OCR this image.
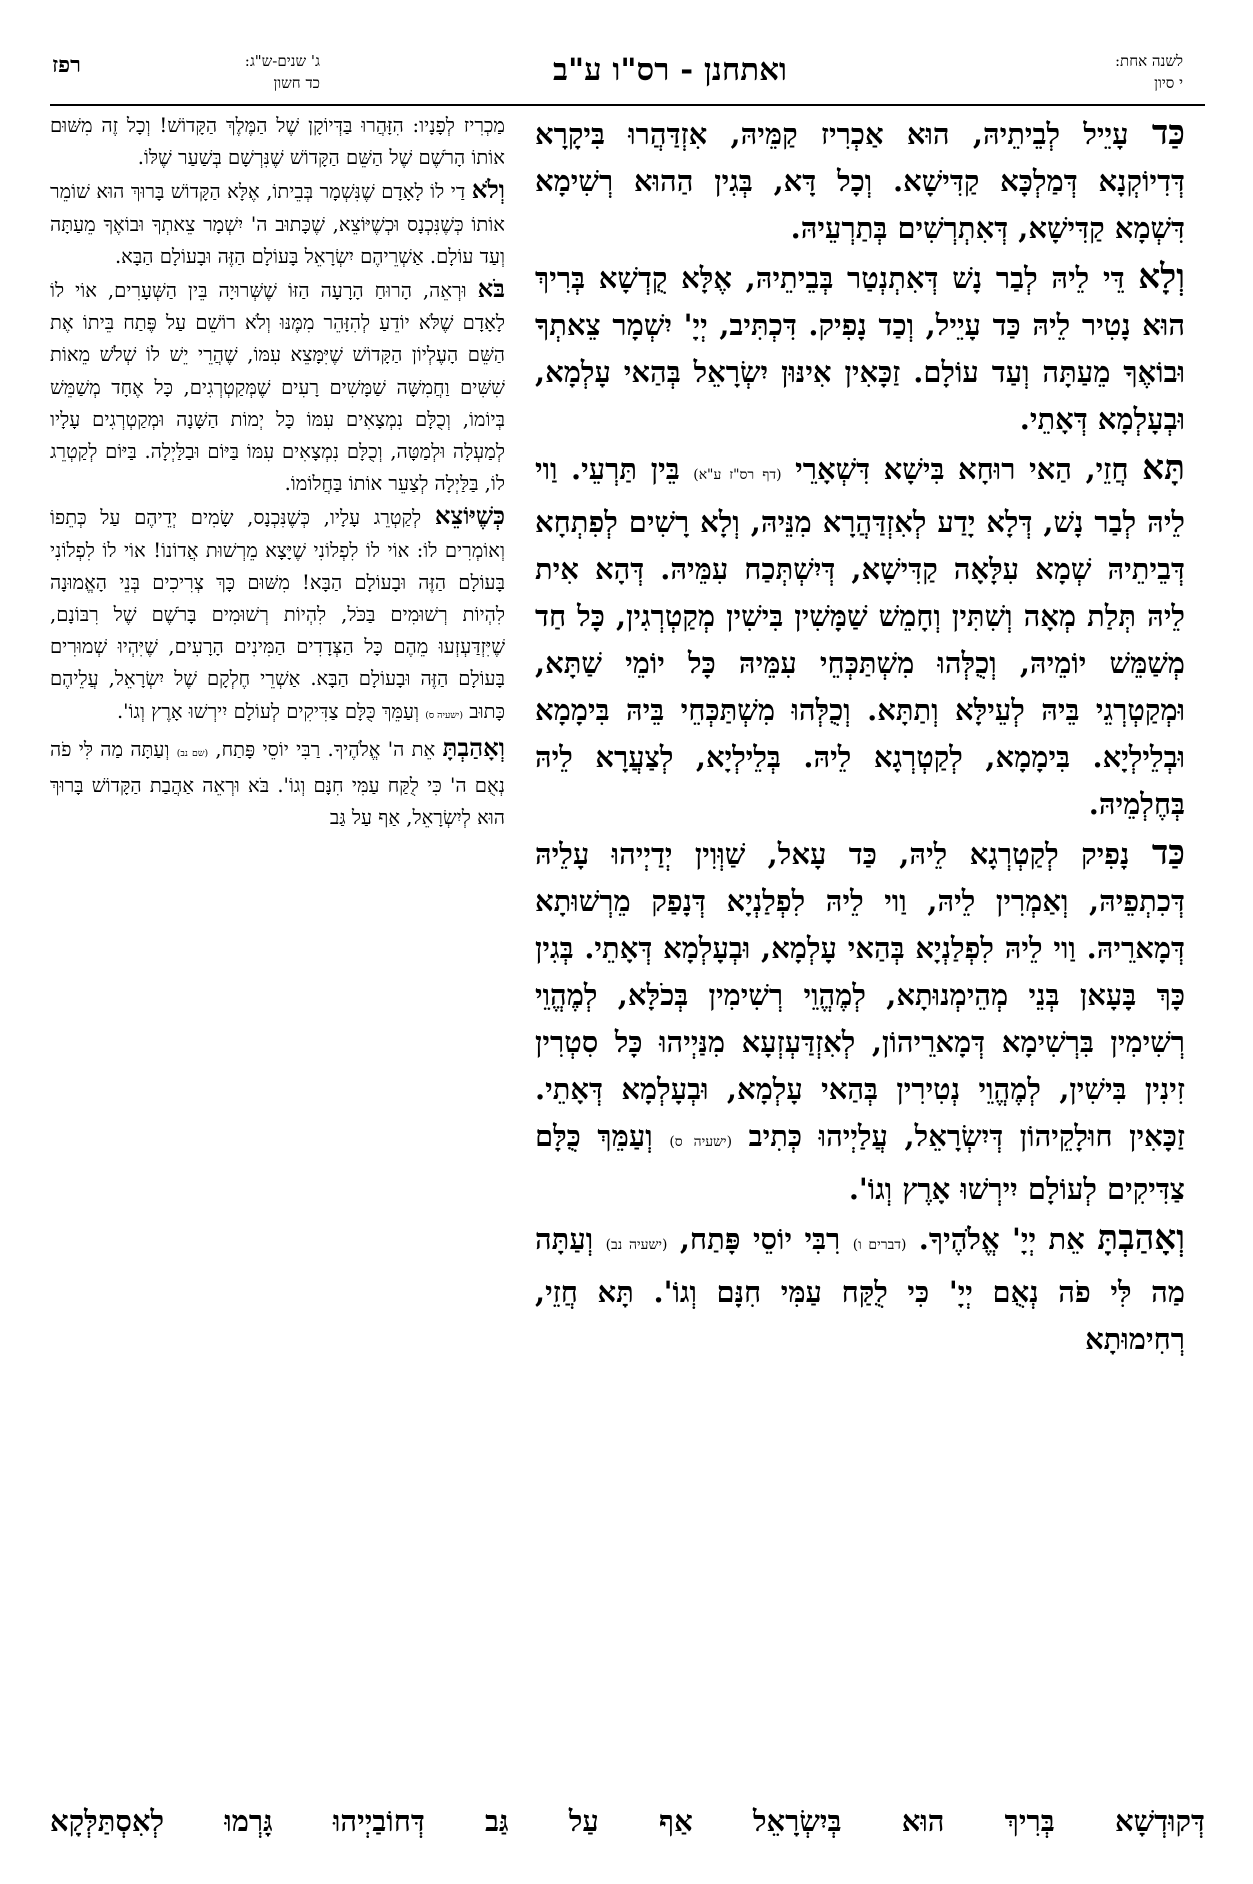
לשנה אחת:
י סיון
ואתחנן - רס"ו ע"ב
ג' שנים-ש"ג:
כד חשון
רפז

כַּד עָיֵיל לְבֵיתֵיהּ, הוּא אַכְרִיז קַמֵּיהּ, אִזְדַּהֲרוּ בִּיקָרָא דְּדִיוֹקְנָא דְּמַלְכָּא קַדִּישָׁא. וְכָל דָּא, בְּגִין הַהוּא רְשִׁימָא דִּשְׁמָא קַדִּישָׁא, דְּאִתְרְשִׁים בְּתַרְעֵיהּ.

וְלָא דֵּי לֵיהּ לְבַר נָשׁ דְּאִתְנְטַר בְּבֵיתֵיהּ, אֶלָּא קֻדְשָׁא בְּרִיךְ הוּא נָטִיר לֵיהּ כַּד עָיֵיל, וְכַד נָפִיק. דִּכְתִּיב, יְיָ' יִשְׁמָר צֵאתְךָ וּבוֹאֶךָ מֵעַתָּה וְעַד עוֹלָם. זַכָּאִין אִינּוּן יִשְׂרָאֵל בְּהַאי עָלְמָא, וּבְעָלְמָא דְּאָתֵי.

תָּא חֲזֵי, הַאי רוּחָא בִּישָׁא דִּשְׁאָרֵי (דף רס"ז ע"א) בֵּין תַּרְעֵי. וַוי לֵיהּ לְבַר נָשׁ, דְּלָא יָדַע לְאִזְדַּהֲרָא מִנֵּיהּ, וְלָא רָשִׁים לְפִתְחָא דְּבֵיתֵיהּ שְׁמָא עִלָּאָה קַדִּישָׁא, דְּיִשְׁתְּכַח עִמֵּיהּ. דְּהָא אִית לֵיהּ תְּלַת מְאָה וְשִׁתִּין וְחָמֵשׁ שַׁמָּשִׁין בִּישִׁין מְקַטְרְגִין, כָּל חַד מְשַׁמֵּשׁ יוֹמֵיהּ, וְכֻלְּהוּ מִשְׁתַּכְּחֵי עִמֵּיהּ כָּל יוֹמֵי שַׁתָּא, וּמְקַטְרְגֵי בֵּיהּ לְעֵילָּא וְתַתָּא. וְכֻלְּהוּ מִשְׁתַּכְּחֵי בֵּיהּ בִּימָמָא וּבְלֵילְיָא. בִּימָמָא, לְקַטְרְגָא לֵיהּ. בְּלֵילְיָא, לְצַעֲרָא לֵיהּ בְּחֶלְמֵיהּ.

כַּד נָפִיק לְקַטְרְגָא לֵיהּ, כַּד עָאל, שַׁוְּוִין יְדַיְיהוּ עָלֵיהּ דְּכִתְפֵיהּ, וְאַמְרִין לֵיהּ, וַוי לֵיהּ לִפְלַנְיָא דְּנָפַק מֵרְשׁוּתָא דְּמָארֵיהּ. וַוי לֵיהּ לִפְלַנְיָא בְּהַאי עָלְמָא, וּבְעָלְמָא דְּאָתֵי. בְּגִין כָּךְ בָּעָאן בְּנֵי מְהֵימְנוּתָא, לְמֶהֱוֵי רְשִׁימִין בְּכֹלָּא, לְמֶהֱוֵי רְשִׁימִין בִּרְשִׁימָא דְּמָארֵיהוֹן, לְאִזְדַּעְזְעָא מִנַּיְיהוּ כָּל סִטְרִין זִינִין בִּישִׁין, לְמֶהֱוֵי נְטִירִין בְּהַאי עָלְמָא, וּבְעָלְמָא דְּאָתֵי. זַכָּאִין חוּלָקֵיהוֹן דְּיִשְׂרָאֵל, עֲלַיְיהוּ כְּתִיב (ישעיה ס) וְעַמֵּךְ כֻּלָּם צַדִּיקִים לְעוֹלָם יִירְשׁוּ אָרֶץ וְגוֹ'.

וְאָהַבְתָּ אֵת יְיָ' אֱלֹהֶיךָ. (דברים ו) רִבִּי יוֹסֵי פָּתַח, (ישעיה נב) וְעַתָּה מַה לִּי פֹה נְאֻם יְיָ' כִּי לֻקַּח עַמִּי חִנָּם וְגוֹ'. תָּא חֲזֵי, רְחִימוּתָא

מַכְרִיז לְפָנָיו: הִזָּהֲרוּ בַּדְּיוֹקָן שֶׁל הַמֶּלֶךְ הַקָּדוֹשׁ! וְכָל זֶה מִשּׁוּם אוֹתוֹ הָרֹשֶׁם שֶׁל הַשֵּׁם הַקָּדוֹשׁ שֶׁנִּרְשָׁם בְּשַׁעַר שֶׁלּוֹ.

וְלֹא דַי לוֹ לָאָדָם שֶׁנִּשְׁמָר בְּבֵיתוֹ, אֶלָּא הַקָּדוֹשׁ בָּרוּךְ הוּא שׁוֹמֵר אוֹתוֹ כְּשֶׁנִּכְנָס וּכְשֶׁיּוֹצֵא, שֶׁכָּתוּב ה' יִשְׁמָר צֵאתְךָ וּבוֹאֶךָ מֵעַתָּה וְעַד עוֹלָם. אַשְׁרֵיהֶם יִשְׂרָאֵל בָּעוֹלָם הַזֶּה וּבָעוֹלָם הַבָּא.

בֹּא וּרְאֵה, הָרוּחַ הָרָעָה הַזּוֹ שֶׁשְּׁרוּיָה בֵּין הַשְּׁעָרִים, אוֹי לוֹ לָאָדָם שֶׁלֹּא יוֹדֵעַ לְהִזָּהֵר מִמֶּנּוּ וְלֹא רוֹשֵׁם עַל פֶּתַח בֵּיתוֹ אֶת הַשֵּׁם הָעֶלְיוֹן הַקָּדוֹשׁ שֶׁיִּמָּצֵא עִמּוֹ, שֶׁהֲרֵי יֵשׁ לוֹ שְׁלֹשׁ מֵאוֹת שִׁשִּׁים וַחֲמִשָּׁה שַׁמָּשִׁים רָעִים שֶׁמְּקַטְרְגִים, כָּל אֶחָד מְשַׁמֵּשׁ בְּיוֹמוֹ, וְכֻלָּם נִמְצָאִים עִמּוֹ כָּל יְמוֹת הַשָּׁנָה וּמְקַטְרְגִים עָלָיו לְמַעְלָה וּלְמַטָּה, וְכֻלָּם נִמְצָאִים עִמּוֹ בַּיּוֹם וּבַלַּיְלָה. בַּיּוֹם לְקַטְרֵג לוֹ, בַּלַּיְלָה לְצַעֵר אוֹתוֹ בַּחֲלוֹמוֹ.

כְּשֶׁיּוֹצֵא לְקַטְרֵג עָלָיו, כְּשֶׁנִּכְנָס, שָׂמִים יְדֵיהֶם עַל כְּתֵפוֹ וְאוֹמְרִים לוֹ: אוֹי לוֹ לִפְלוֹנִי שֶׁיָּצָא מֵרְשׁוּת אֲדוֹנוֹ! אוֹי לוֹ לִפְלוֹנִי בָּעוֹלָם הַזֶּה וּבָעוֹלָם הַבָּא! מִשּׁוּם כָּךְ צְרִיכִים בְּנֵי הָאֱמוּנָה לִהְיוֹת רְשׁוּמִים בַּכֹּל, לִהְיוֹת רְשׁוּמִים בָּרֹשֶׁם שֶׁל רִבּוֹנָם, שֶׁיִּזְדַּעְזְעוּ מֵהֶם כָּל הַצְּדָדִים הַמִּינִים הָרָעִים, שֶׁיִּהְיוּ שְׁמוּרִים בָּעוֹלָם הַזֶּה וּבָעוֹלָם הַבָּא. אַשְׁרֵי חֶלְקָם שֶׁל יִשְׂרָאֵל, עֲלֵיהֶם כָּתוּב (ישעיה ס) וְעַמֵּךְ כֻּלָּם צַדִּיקִים לְעוֹלָם יִירְשׁוּ אָרֶץ וְגוֹ'.

וְאָהַבְתָּ אֵת ה' אֱלֹהֶיךָ. רַבִּי יוֹסֵי פָּתַח, (שם נב) וְעַתָּה מַה לִּי פֹה נְאֻם ה' כִּי לֻקַּח עַמִּי חִנָּם וְגוֹ'. בֹּא וּרְאֵה אַהֲבַת הַקָּדוֹשׁ בָּרוּךְ הוּא לְיִשְׂרָאֵל, אַף עַל גַּב

דְּקוּדְשָׁא בְּרִיךְ הוּא בְּיִשְׂרָאֵל אַף עַל גַּב דְּחוֹבַיְיהוּ גָּרְמוּ לְאִסְתַּלְּקָא
